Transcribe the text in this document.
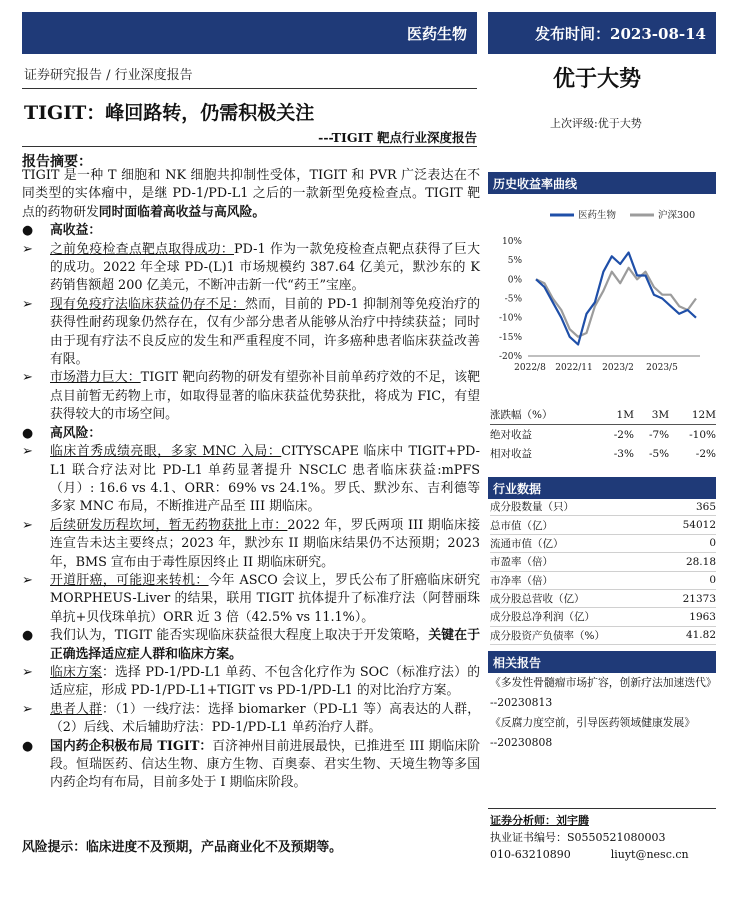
医药生物	发布时间：2023-08-14
证券研究报告 / 行业深度报告	优于大势
上次评级:优于大势
TIGIT：峰回路转，仍需积极关注
---TIGIT 靶点行业深度报告
报告摘要：

TIGIT 是一种 T 细胞和 NK 细胞共抑制性受体，TIGIT 和 PVR 广泛表达在不同类型的实体瘤中，是继 PD-1/PD-L1 之后的一款新型免疫检查点。TIGIT 靶点的药物研发同时面临着高收益与高风险。

●	高收益：
➢	之前免疫检查点靶点取得成功：PD-1 作为一款免疫检查点靶点获得了巨大的成功。2022 年全球 PD-(L)1 市场规模约 387.64 亿美元，默沙东的 K 药销售额超 200 亿美元，不断冲击新一代“药王”宝座。
➢	现有免疫疗法临床获益仍存不足：然而，目前的 PD-1 抑制剂等免疫治疗的获得性耐药现象仍然存在，仅有少部分患者从能够从治疗中持续获益；同时由于现有疗法不良反应的发生和严重程度不同，许多癌种患者临床获益改善有限。
➢	市场潜力巨大：TIGIT 靶向药物的研发有望弥补目前单药疗效的不足，该靶点目前暂无药物上市，如取得显著的临床获益优势获批，将成为 FIC，有望获得较大的市场空间。
●	高风险：
➢	临床首秀成绩亮眼，多家 MNC 入局：CITYSCAPE 临床中 TIGIT+PD-L1 联合疗法对比 PD-L1 单药显著提升 NSCLC 患者临床获益:mPFS（月）: 16.6 vs 4.1、ORR：69% vs 24.1%。罗氏、默沙东、吉利德等多家 MNC 布局，不断推进产品至 III 期临床。
➢	后续研发历程坎坷，暂无药物获批上市：2022 年，罗氏两项 III 期临床接连宣告未达主要终点；2023 年，默沙东 II 期临床结果仍不达预期；2023 年，BMS 宣布由于毒性原因终止 II 期临床研究。
➢	开道肝癌，可能迎来转机：今年 ASCO 会议上，罗氏公布了肝癌临床研究 MORPHEUS-Liver 的结果，联用 TIGIT 抗体提升了标准疗法（阿替丽珠单抗+贝伐珠单抗）ORR 近 3 倍（42.5% vs 11.1%）。
●	我们认为，TIGIT 能否实现临床获益很大程度上取决于开发策略，关键在于正确选择适应症人群和临床方案。
➢	临床方案：选择 PD-1/PD-L1 单药、不包含化疗作为 SOC（标准疗法）的适应症，形成 PD-1/PD-L1+TIGIT vs PD-1/PD-L1 的对比治疗方案。
➢	患者人群：（1）一线疗法：选择 biomarker（PD-L1 等）高表达的人群，（2）后线、术后辅助疗法：PD-1/PD-L1 单药治疗人群。
●	国内药企积极布局 TIGIT：百济神州目前进展最快，已推进至 III 期临床阶段。恒瑞医药、信达生物、康方生物、百奥泰、君实生物、天境生物等多国内药企均有布局，目前多处于 I 期临床阶段。
风险提示：临床进度不及预期，产品商业化不及预期等。
历史收益率曲线
医药生物	沪深300
10%
5%
0%
-5%
-10%
-15%
-20%
2022/8 2022/11 2023/2 2023/5
涨跌幅（%）	1M	3M	12M
绝对收益	-2%	-7%	-10%
相对收益	-3%	-5%	-2%
行业数据
成分股数量（只）	365
总市值（亿）	54012
流通市值（亿）	0
市盈率（倍）	28.18
市净率（倍）	0
成分股总营收（亿）	21373
成分股总净利润（亿）	1963
成分股资产负债率（%）	41.82
相关报告
《多发性骨髓瘤市场扩容，创新疗法加速迭代》
--20230813
《反腐力度空前，引导医药领域健康发展》
--20230808
证券分析师：刘宇腾
执业证书编号：S0550521080003
010-63210890	liuyt@nesc.cn
